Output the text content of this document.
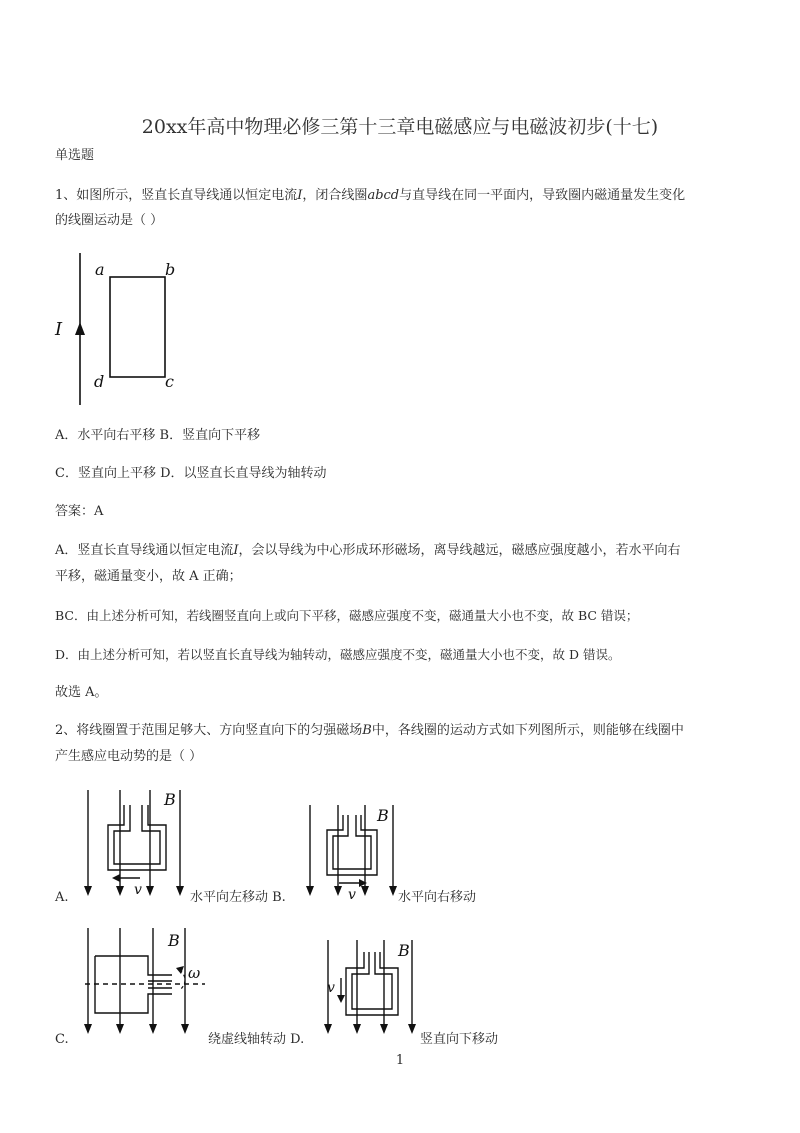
20xx年高中物理必修三第十三章电磁感应与电磁波初步(十七)
单选题
1、如图所示，竖直长直导线通以恒定电流I，闭合线圈abcd与直导线在同一平面内，导致圈内磁通量发生变化
的线圈运动是（ ）
I
a	b
d	c
A．水平向右平移 B．竖直向下平移
C．竖直向上平移 D．以竖直长直导线为轴转动
答案：A
A．竖直长直导线通以恒定电流I，会以导线为中心形成环形磁场，离导线越远，磁感应强度越小，若水平向右
平移，磁通量变小，故 A 正确；
BC．由上述分析可知，若线圈竖直向上或向下平移，磁感应强度不变，磁通量大小也不变，故 BC 错误；
D．由上述分析可知，若以竖直长直导线为轴转动，磁感应强度不变，磁通量大小也不变，故 D 错误。
故选 A。
2、将线圈置于范围足够大、方向竖直向下的匀强磁场B中，各线圈的运动方式如下列图所示，则能够在线圈中
产生感应电动势的是（ ）
v
B
A.	水平向左移动 B.	v
B
水平向右移动
ω
B
C.	绕虚线轴转动 D.
v
B
竖直向下移动
1
